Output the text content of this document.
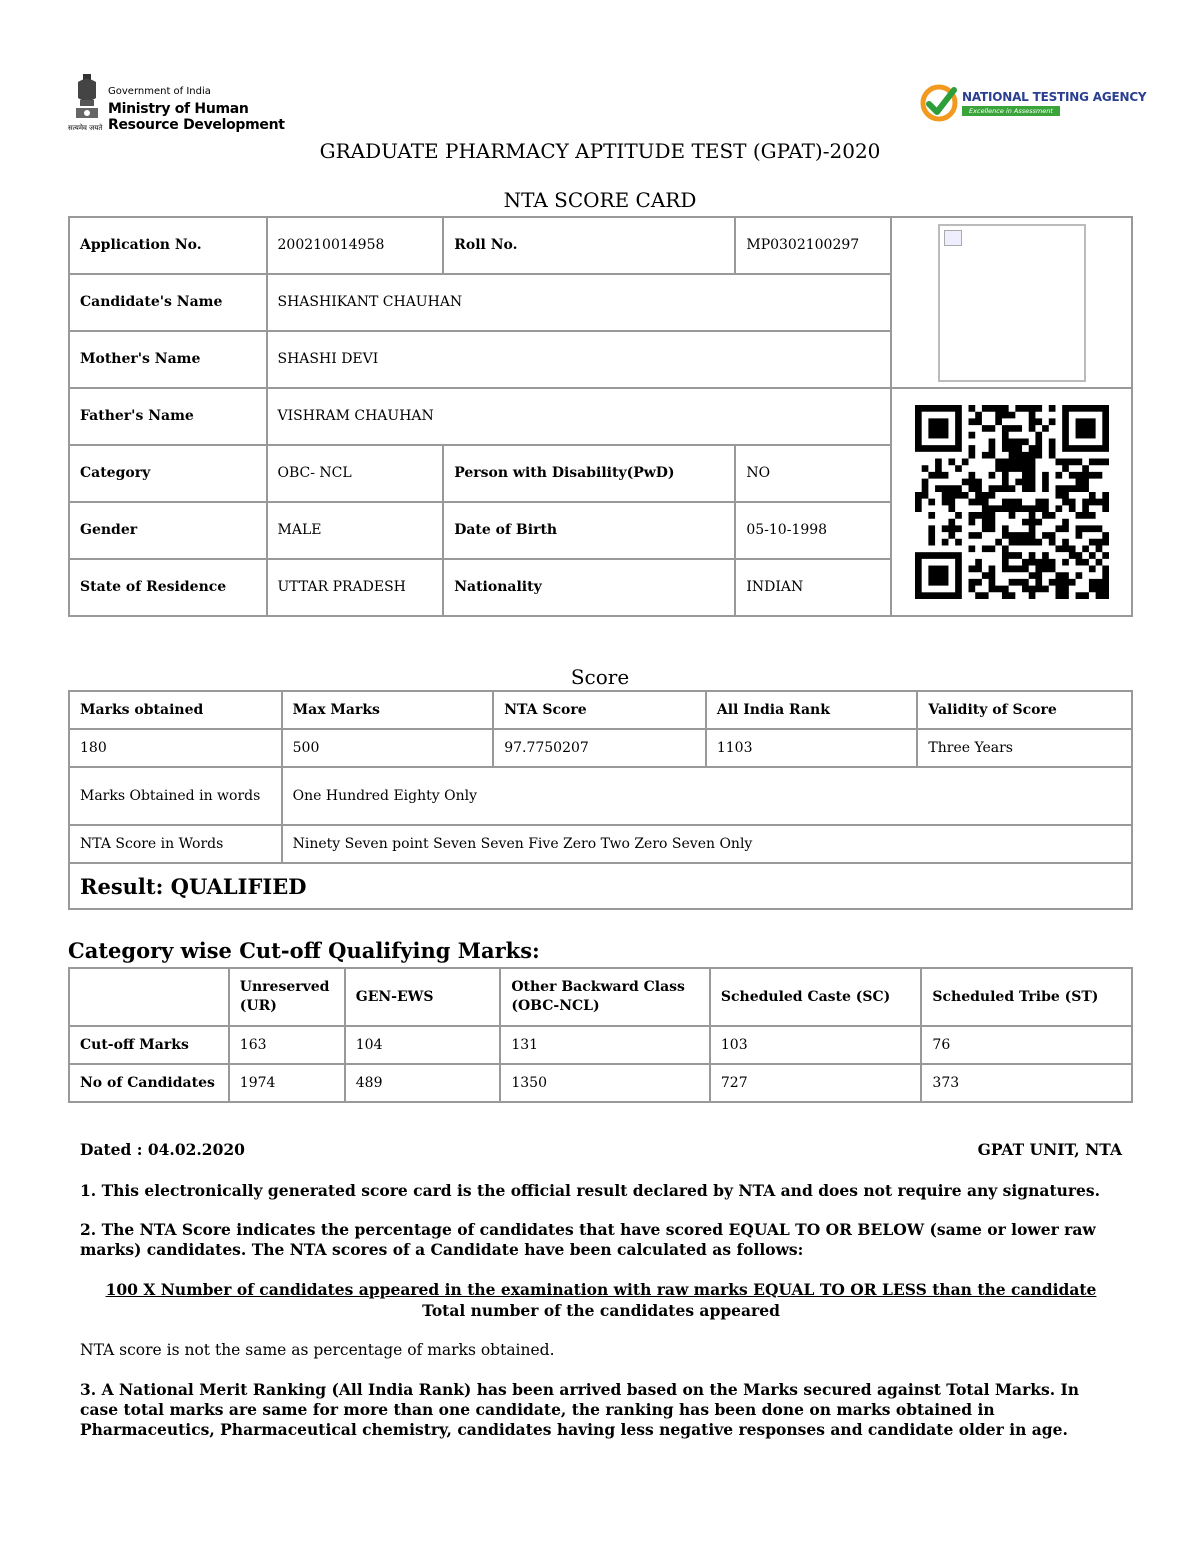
Government of India
Ministry of Human Resource Development
सत्यमेव जयते
NATIONAL TESTING AGENCY
Excellence in Assessment
GRADUATE PHARMACY APTITUDE TEST (GPAT)-2020
NTA SCORE CARD
Application No.	200210014958	Roll No.	MP0302100297	

Candidate's Name	SHASHIKANT CHAUHAN			
Mother's Name	SHASHI DEVI			
Father's Name	VISHRAM CHAUHAN	

Category	OBC- NCL	Person with Disability(PwD)	NO	
Gender	MALE	Date of Birth	05-10-1998	
State of Residence	UTTAR PRADESH	Nationality	INDIAN	
Score
Marks obtained	Max Marks	NTA Score	All India Rank	Validity of Score
180	500	97.7750207	1103	Three Years
Marks Obtained in words	One Hundred Eighty Only			
NTA Score in Words	Ninety Seven point Seven Seven Five Zero Two Zero Seven Only			
Result: QUALIFIED				
Category wise Cut-off Qualifying Marks:
	Unreserved (UR)	GEN-EWS	Other Backward Class (OBC-NCL)	Scheduled Caste (SC)	Scheduled Tribe (ST)
Cut-off Marks	163	104	131	103	76
No of Candidates	1974	489	1350	727	373
Dated : 04.02.2020	GPAT UNIT, NTA
1. This electronically generated score card is the official result declared by NTA and does not require any signatures.
2. The NTA Score indicates the percentage of candidates that have scored EQUAL TO OR BELOW (same or lower raw marks) candidates. The NTA scores of a Candidate have been calculated as follows:
100 X Number of candidates appeared in the examination with raw marks EQUAL TO OR LESS than the candidate
Total number of the candidates appeared
NTA score is not the same as percentage of marks obtained.
3. A National Merit Ranking (All India Rank) has been arrived based on the Marks secured against Total Marks. In case total marks are same for more than one candidate, the ranking has been done on marks obtained in Pharmaceutics, Pharmaceutical chemistry, candidates having less negative responses and candidate older in age.
